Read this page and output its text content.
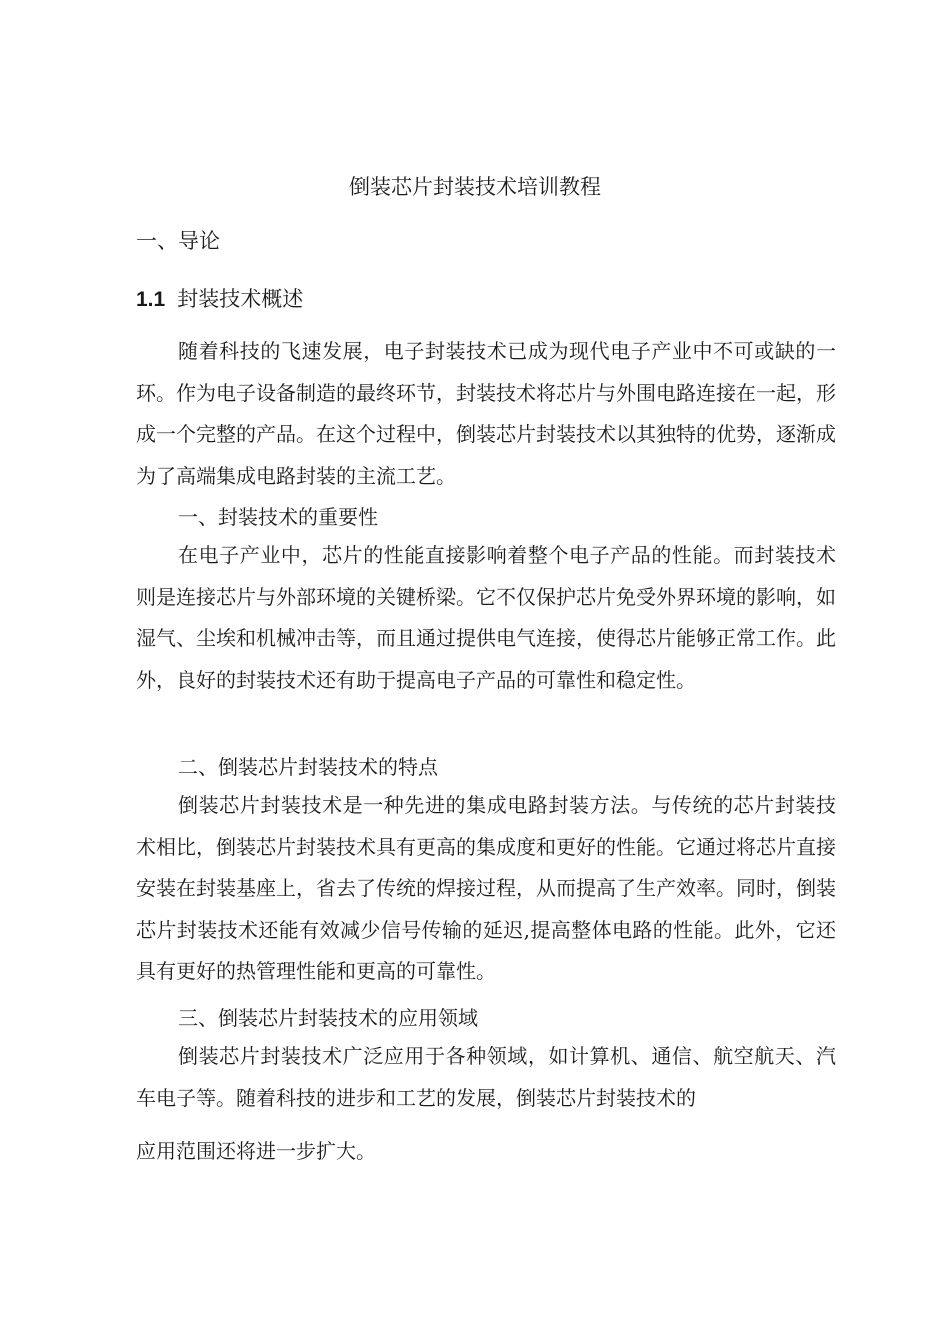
倒装芯片封装技术培训教程
一、导论
1.1 封装技术概述

随着科技的飞速发展，电子封装技术已成为现代电子产业中不可或缺的一环。作为电子设备制造的最终环节，封装技术将芯片与外围电路连接在一起，形成一个完整的产品。在这个过程中，倒装芯片封装技术以其独特的优势，逐渐成为了高端集成电路封装的主流工艺。

一、封装技术的重要性

在电子产业中，芯片的性能直接影响着整个电子产品的性能。而封装技术则是连接芯片与外部环境的关键桥梁。它不仅保护芯片免受外界环境的影响，如湿气、尘埃和机械冲击等，而且通过提供电气连接，使得芯片能够正常工作。此外，良好的封装技术还有助于提高电子产品的可靠性和稳定性。

二、倒装芯片封装技术的特点

倒装芯片封装技术是一种先进的集成电路封装方法。与传统的芯片封装技术相比，倒装芯片封装技术具有更高的集成度和更好的性能。它通过将芯片直接安装在封装基座上，省去了传统的焊接过程，从而提高了生产效率。同时，倒装芯片封装技术还能有效减少信号传输的延迟,提高整体电路的性能。此外，它还具有更好的热管理性能和更高的可靠性。

三、倒装芯片封装技术的应用领域

倒装芯片封装技术广泛应用于各种领域，如计算机、通信、航空航天、汽车电子等。随着科技的进步和工艺的发展，倒装芯片封装技术的

应用范围还将进一步扩大。
